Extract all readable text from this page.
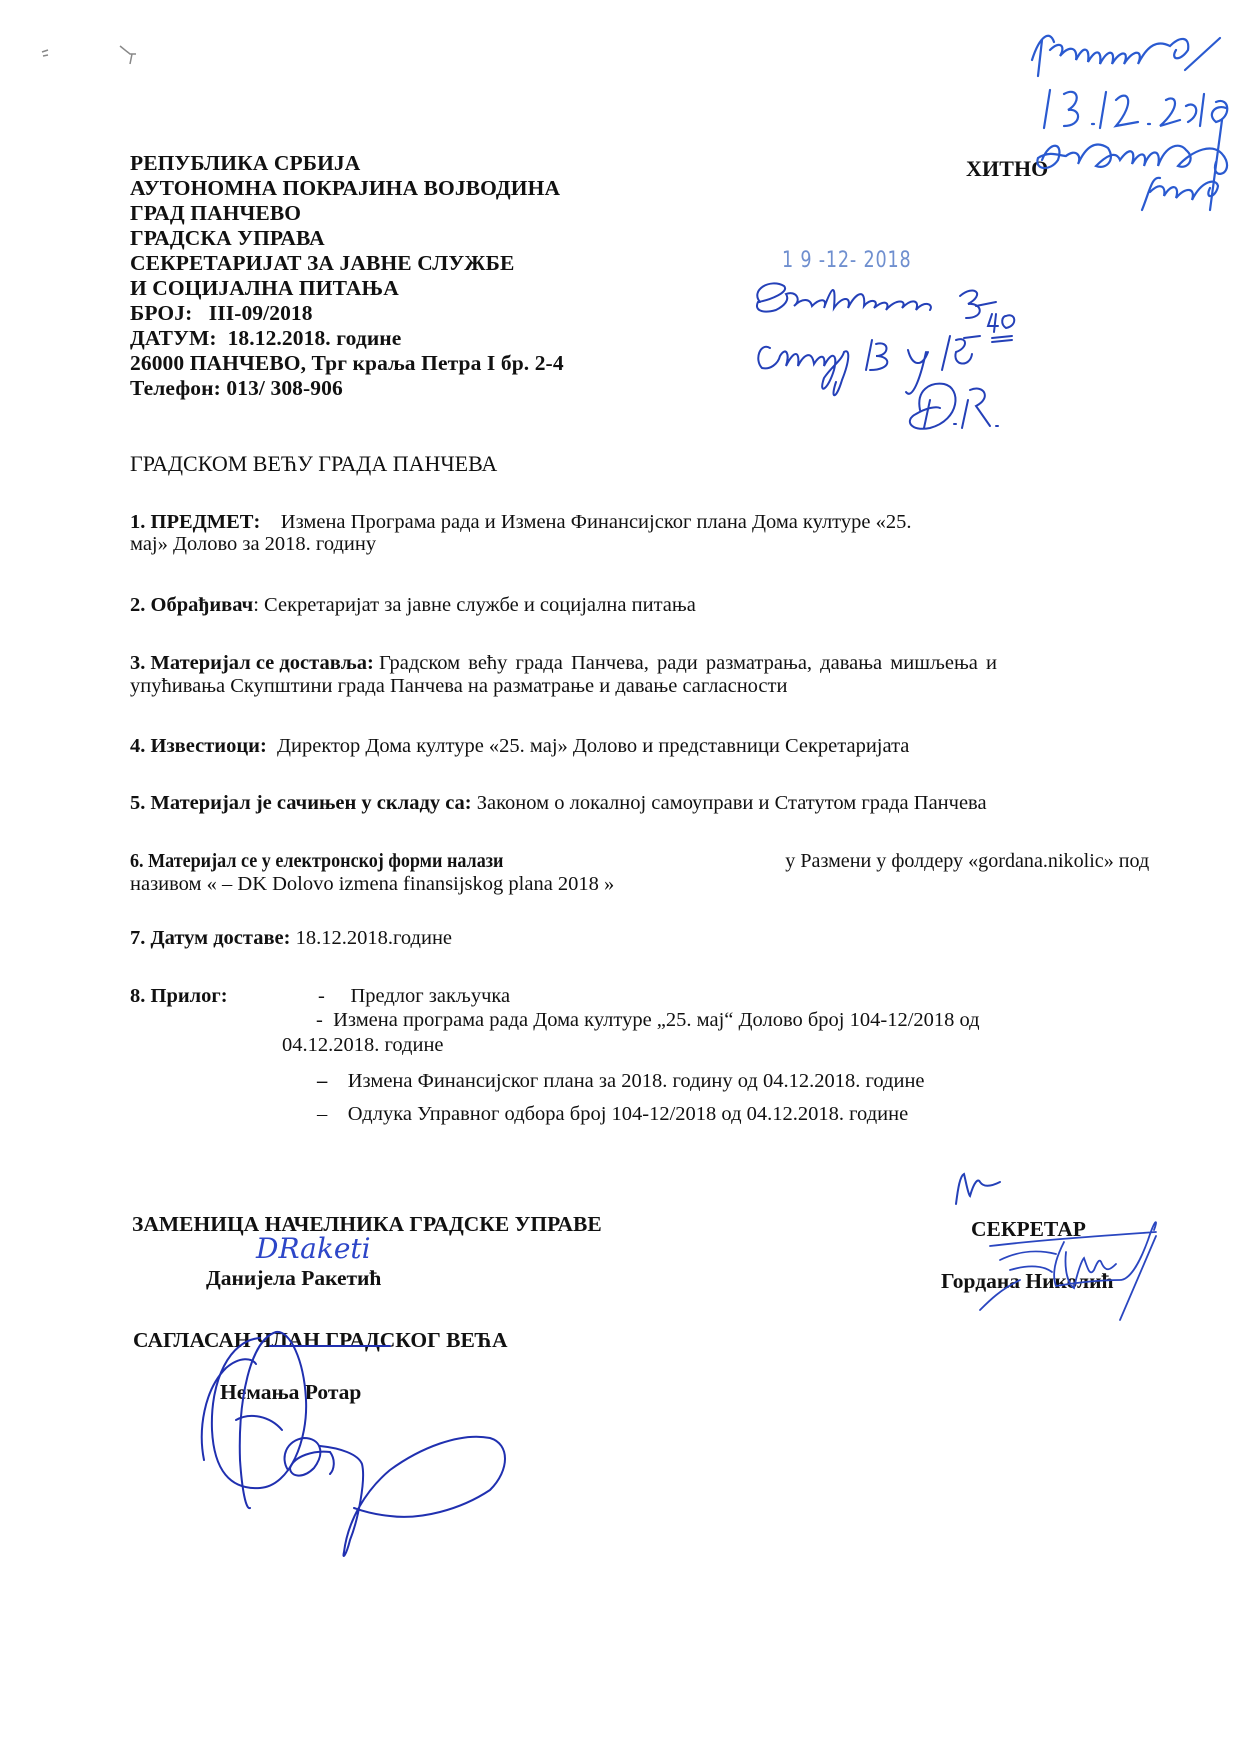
РЕПУБЛИКА СРБИЈА
АУТОНОМНА ПОКРАЈИНА ВОЈВОДИНА
ГРАД ПАНЧЕВО
ГРАДСКА УПРАВА
СЕКРЕТАРИЈАТ ЗА ЈАВНЕ СЛУЖБЕ
И СОЦИЈАЛНА ПИТАЊА
БРОЈ: III-09/2018
ДАТУМ: 18.12.2018. године
26000 ПАНЧЕВО, Трг краља Петра I бр. 2-4
Телефон: 013/ 308-906
ХИТНО
1 9 -12- 2018
ГРАДСКОМ ВЕЋУ ГРАДА ПАНЧЕВА
1. ПРЕДМЕТ: Измена Програма рада и Измена Финансијског плана Дома културе «25.
мај» Долово за 2018. годину
2. Обрађивач: Секретаријат за јавне службе и социјална питања
3. Материјал се доставља: Градском већу града Панчева, ради разматрања, давања мишљења и
упућивања Скупштини града Панчева на разматрање и давање сагласности
4. Известиоци: Директор Дома културе «25. мај» Долово и представници Секретаријата
5. Материјал је сачињен у складу са: Законом о локалној самоуправи и Статутом града Панчева
6. Материјал се у електронској форми налази	у Размени у фолдеру «gordana.nikolic» под
називом « – DK Dolovo izmena finansijskog plana 2018 »
7. Датум доставе: 18.12.2018.године
8. Прилог:	- Предлог закључка
- Измена програма рада Дома културе „25. мај“ Долово број 104-12/2018 од
04.12.2018. године
– Измена Финансијског плана за 2018. годину од 04.12.2018. године
– Одлука Управног одбора број 104-12/2018 од 04.12.2018. године
ЗАМЕНИЦА НАЧЕЛНИКА ГРАДСКЕ УПРАВЕ
DRaketi
Данијела Ракетић
СЕКРЕТАР
Гордана Николић
САГЛАСАН ЧЛАН ГРАДСКОГ ВЕЋА
Немања Ротар
